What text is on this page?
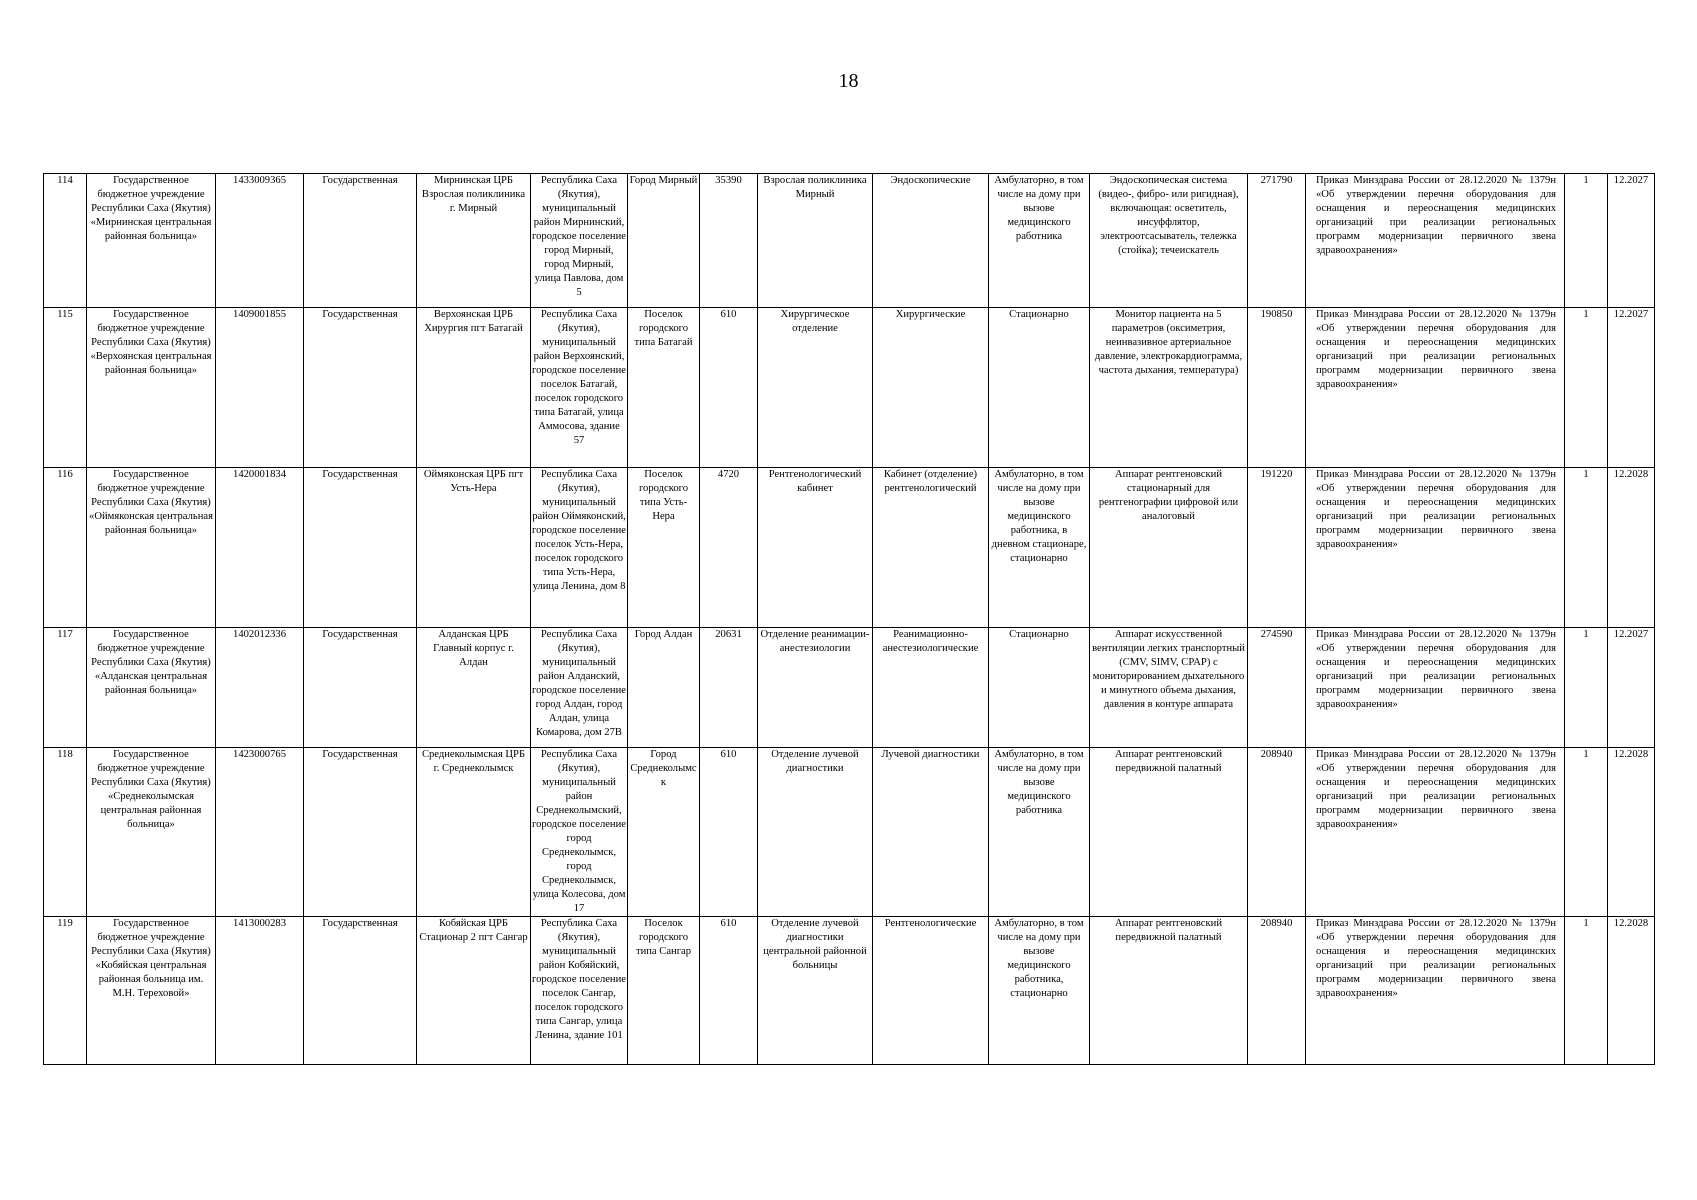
18
114	Государственное бюджетное учреждение Республики Саха (Якутия) «Мирнинская центральная районная больница»	1433009365	Государственная	Мирнинская ЦРБ Взрослая поликлиника г. Мирный	Республика Саха (Якутия), муниципальный район Мирнинский, городское поселение город Мирный, город Мирный, улица Павлова, дом 5	Город Мирный	35390	Взрослая поликлиника Мирный	Эндоскопические	Амбулаторно, в том числе на дому при вызове медицинского работника	Эндоскопическая система (видео-, фибро- или ригидная), включающая: осветитель, инсуффлятор, электроотсасыватель, тележка (стойка); течеискатель	271790	Приказ Минздрава России от 28.12.2020 № 1379н «Об утверждении перечня оборудования для оснащения и переоснащения медицинских организаций при реализации региональных программ модернизации первичного звена здравоохранения»	1	12.2027
115	Государственное бюджетное учреждение Республики Саха (Якутия) «Верхоянская центральная районная больница»	1409001855	Государственная	Верхоянская ЦРБ Хирургия пгт Батагай	Республика Саха (Якутия), муниципальный район Верхоянский, городское поселение поселок Батагай, поселок городского типа Батагай, улица Аммосова, здание 57	Поселок городского типа Батагай	610	Хирургическое отделение	Хирургические	Стационарно	Монитор пациента на 5 параметров (оксиметрия, неинвазивное артериальное давление, электрокардиограмма, частота дыхания, температура)	190850	Приказ Минздрава России от 28.12.2020 № 1379н «Об утверждении перечня оборудования для оснащения и переоснащения медицинских организаций при реализации региональных программ модернизации первичного звена здравоохранения»	1	12.2027
116	Государственное бюджетное учреждение Республики Саха (Якутия) «Оймяконская центральная районная больница»	1420001834	Государственная	Оймяконская ЦРБ пгт Усть-Нера	Республика Саха (Якутия), муниципальный район Оймяконский, городское поселение поселок Усть-Нера, поселок городского типа Усть-Нера, улица Ленина, дом 8	Поселок городского типа Усть-Нера	4720	Рентгенологический кабинет	Кабинет (отделение) рентгенологический	Амбулаторно, в том числе на дому при вызове медицинского работника, в дневном стационаре, стационарно	Аппарат рентгеновский стационарный для рентгенографии цифровой или аналоговый	191220	Приказ Минздрава России от 28.12.2020 № 1379н «Об утверждении перечня оборудования для оснащения и переоснащения медицинских организаций при реализации региональных программ модернизации первичного звена здравоохранения»	1	12.2028
117	Государственное бюджетное учреждение Республики Саха (Якутия) «Алданская центральная районная больница»	1402012336	Государственная	Алданская ЦРБ Главный корпус г. Алдан	Республика Саха (Якутия), муниципальный район Алданский, городское поселение город Алдан, город Алдан, улица Комарова, дом 27В	Город Алдан	20631	Отделение реанимации-анестезиологии	Реанимационно-анестезиологические	Стационарно	Аппарат искусственной вентиляции легких транспортный (CMV, SIMV, CPAP) с мониторированием дыхательного и минутного объема дыхания, давления в контуре аппарата	274590	Приказ Минздрава России от 28.12.2020 № 1379н «Об утверждении перечня оборудования для оснащения и переоснащения медицинских организаций при реализации региональных программ модернизации первичного звена здравоохранения»	1	12.2027
118	Государственное бюджетное учреждение Республики Саха (Якутия) «Среднеколымская центральная районная больница»	1423000765	Государственная	Среднеколымская ЦРБ г. Среднеколымск	Республика Саха (Якутия), муниципальный район Среднеколымский, городское поселение город Среднеколымск, город Среднеколымск, улица Колесова, дом 17	Город Среднеколымск	610	Отделение лучевой диагностики	Лучевой диагностики	Амбулаторно, в том числе на дому при вызове медицинского работника	Аппарат рентгеновский передвижной палатный	208940	Приказ Минздрава России от 28.12.2020 № 1379н «Об утверждении перечня оборудования для оснащения и переоснащения медицинских организаций при реализации региональных программ модернизации первичного звена здравоохранения»	1	12.2028
119	Государственное бюджетное учреждение Республики Саха (Якутия) «Кобяйская центральная районная больница им. М.Н. Тереховой»	1413000283	Государственная	Кобяйская ЦРБ Стационар 2 пгт Сангар	Республика Саха (Якутия), муниципальный район Кобяйский, городское поселение поселок Сангар, поселок городского типа Сангар, улица Ленина, здание 101	Поселок городского типа Сангар	610	Отделение лучевой диагностики центральной районной больницы	Рентгенологические	Амбулаторно, в том числе на дому при вызове медицинского работника, стационарно	Аппарат рентгеновский передвижной палатный	208940	Приказ Минздрава России от 28.12.2020 № 1379н «Об утверждении перечня оборудования для оснащения и переоснащения медицинских организаций при реализации региональных программ модернизации первичного звена здравоохранения»	1	12.2028
